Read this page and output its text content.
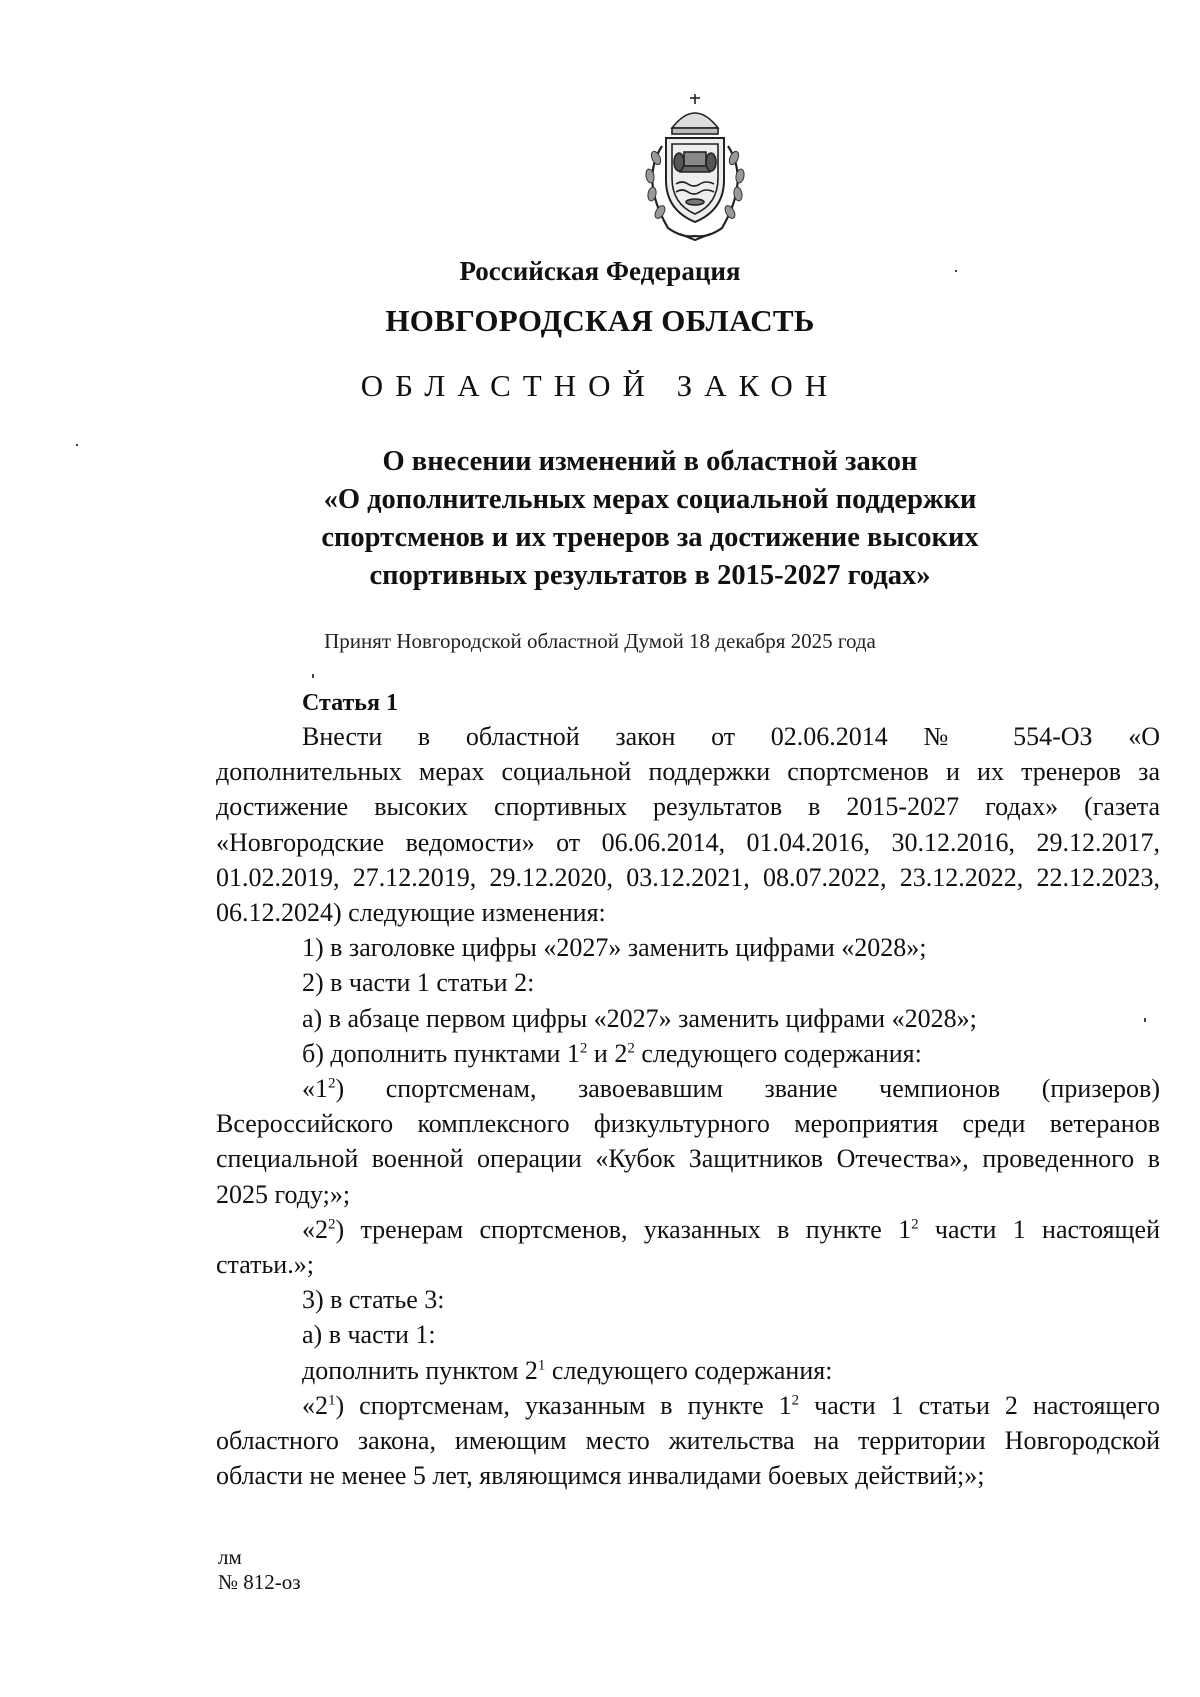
Российская Федерация
НОВГОРОДСКАЯ ОБЛАСТЬ
ОБЛАСТНОЙ ЗАКОН
О внесении изменений в областной закон
«О дополнительных мерах социальной поддержки
спортсменов и их тренеров за достижение высоких
спортивных результатов в 2015-2027 годах»
Принят Новгородской областной Думой 18 декабря 2025 года
Статья 1

Внести в областной закон от 02.06.2014 № 554-ОЗ «О

дополнительных мерах социальной поддержки спортсменов и их тренеров за достижение высоких спортивных результатов в 2015-2027 годах» (газета «Новгородские ведомости» от 06.06.2014, 01.04.2016, 30.12.2016, 29.12.2017, 01.02.2019, 27.12.2019, 29.12.2020, 03.12.2021, 08.07.2022, 23.12.2022, 22.12.2023, 06.12.2024) следующие изменения:

1) в заголовке цифры «2027» заменить цифрами «2028»;

2) в части 1 статьи 2:

а) в абзаце первом цифры «2027» заменить цифрами «2028»;

б) дополнить пунктами $1^2$ и $2^2$ следующего содержания:

«$1^2$) спортсменам, завоевавшим звание чемпионов (призеров) Всероссийского комплексного физкультурного мероприятия среди ветеранов специальной военной операции «Кубок Защитников Отечества», проведенного в 2025 году;»;

«$2^2$) тренерам спортсменов, указанных в пункте $1^2$ части 1 настоящей статьи.»;

3) в статье 3:

а) в части 1:

дополнить пунктом $2^1$ следующего содержания:

«$2^1$) спортсменам, указанным в пункте $1^2$ части 1 статьи 2 настоящего областного закона, имеющим место жительства на территории Новгородской области не менее 5 лет, являющимся инвалидами боевых действий;»;

лм
№ 812-оз
